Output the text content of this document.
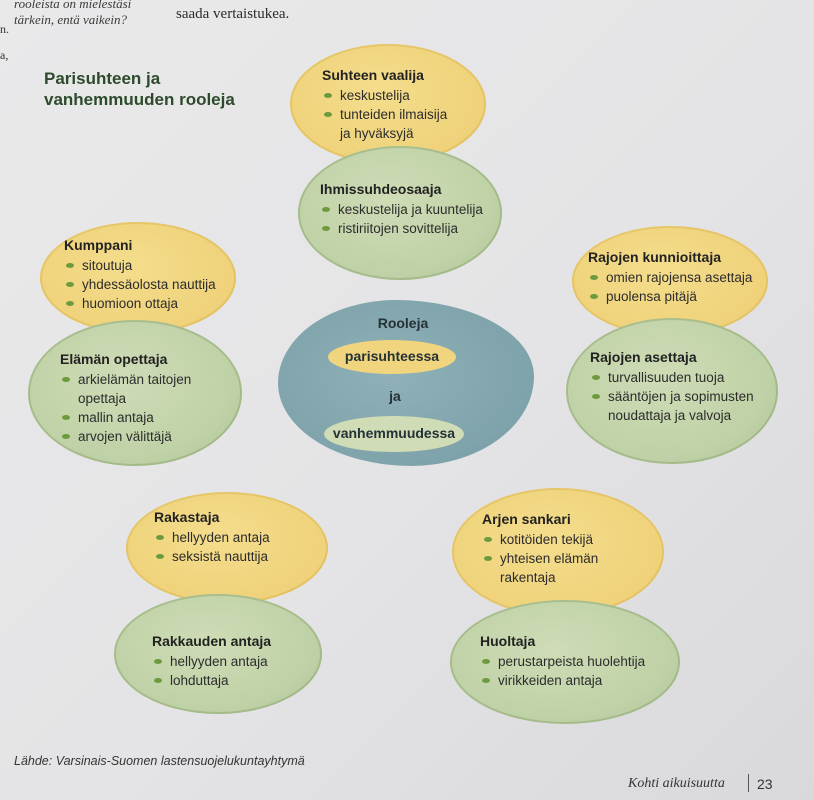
rooleista on mielestäsi
tärkein, entä vaikein?	saada vertaistukea.
n.
a,
Parisuhteen ja
vanhemmuuden rooleja
Rooleja
parisuhteessa
ja
vanhemmuudessa
Suhteen vaalija
keskustelija
tunteiden ilmaisija
ja hyväksyjä
Ihmissuhdeosaaja
keskustelija ja kuuntelija
ristiriitojen sovittelija
Kumppani
sitoutuja
yhdessäolosta nauttija
huomioon ottaja
Elämän opettaja
arkielämän taitojen
opettaja
mallin antaja
arvojen välittäjä
Rajojen kunnioittaja
omien rajojensa asettaja
puolensa pitäjä
Rajojen asettaja
turvallisuuden tuoja
sääntöjen ja sopimusten
noudattaja ja valvoja
Rakastaja
hellyyden antaja
seksistä nauttija
Rakkauden antaja
hellyyden antaja
lohduttaja
Arjen sankari
kotitöiden tekijä
yhteisen elämän
rakentaja
Huoltaja
perustarpeista huolehtija
virikkeiden antaja
Lähde: Varsinais-Suomen lastensuojelukuntayhtymä
Kohti aikuisuutta 23
